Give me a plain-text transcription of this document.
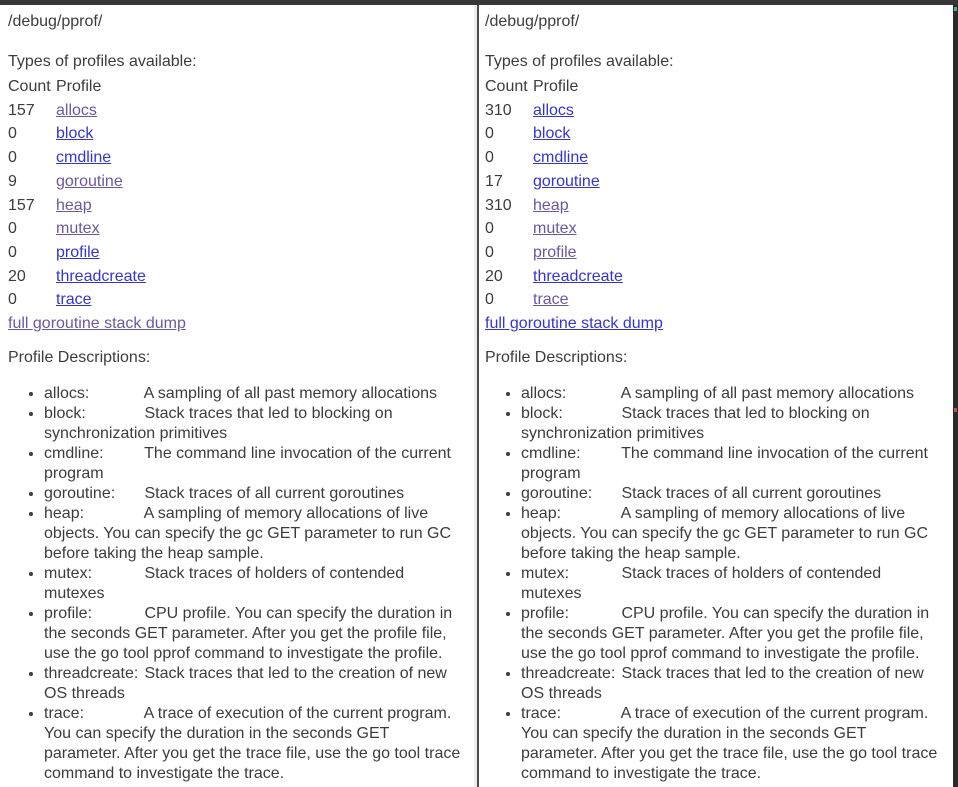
/debug/pprof/
Types of profiles available:
Count	Profile
157	allocs
0	block
0	cmdline
9	goroutine
157	heap
0	mutex
0	profile
20	threadcreate
0	trace
full goroutine stack dump

Profile Descriptions:

• allocs:	A sampling of all past memory allocations
• block:	Stack traces that led to blocking on synchronization primitives
• cmdline:	The command line invocation of the current program
• goroutine: Stack traces of all current goroutines
• heap:	A sampling of memory allocations of live objects. You can specify the gc GET parameter to run GC before taking the heap sample.
• mutex:	Stack traces of holders of contended mutexes
• profile:	CPU profile. You can specify the duration in the seconds GET parameter. After you get the profile file, use the go tool pprof command to investigate the profile.
• threadcreate: Stack traces that led to the creation of new OS threads
• trace:	A trace of execution of the current program. You can specify the duration in the seconds GET parameter. After you get the trace file, use the go tool trace command to investigate the trace.
/debug/pprof/
Types of profiles available:
Count	Profile
310	allocs
0	block
0	cmdline
17	goroutine
310	heap
0	mutex
0	profile
20	threadcreate
0	trace
full goroutine stack dump

Profile Descriptions:

• allocs:	A sampling of all past memory allocations
• block:	Stack traces that led to blocking on synchronization primitives
• cmdline:	The command line invocation of the current program
• goroutine: Stack traces of all current goroutines
• heap:	A sampling of memory allocations of live objects. You can specify the gc GET parameter to run GC before taking the heap sample.
• mutex:	Stack traces of holders of contended mutexes
• profile:	CPU profile. You can specify the duration in the seconds GET parameter. After you get the profile file, use the go tool pprof command to investigate the profile.
• threadcreate: Stack traces that led to the creation of new OS threads
• trace:	A trace of execution of the current program. You can specify the duration in the seconds GET parameter. After you get the trace file, use the go tool trace command to investigate the trace.
